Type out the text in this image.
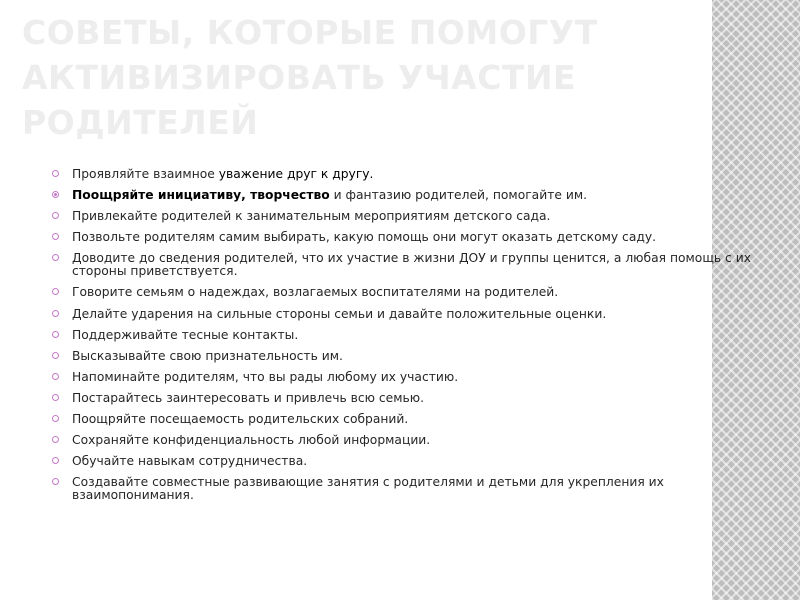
СОВЕТЫ, КОТОРЫЕ ПОМОГУТ
АКТИВИЗИРОВАТЬ УЧАСТИЕ
РОДИТЕЛЕЙ
Проявляйте взаимное уважение друг к другу.
Поощряйте инициативу, творчество и фантазию родителей, помогайте им.
Привлекайте родителей к занимательным мероприятиям детского сада.
Позвольте родителям самим выбирать, какую помощь они могут оказать детскому саду.
Доводите до сведения родителей, что их участие в жизни ДОУ и группы ценится, а любая помощь с их стороны приветствуется.
Говорите семьям о надеждах, возлагаемых воспитателями на родителей.
Делайте ударения на сильные стороны семьи и давайте положительные оценки.
Поддерживайте тесные контакты.
Высказывайте свою признательность им.
Напоминайте родителям, что вы рады любому их участию.
Постарайтесь заинтересовать и привлечь всю семью.
Поощряйте посещаемость родительских собраний.
Сохраняйте конфиденциальность любой информации.
Обучайте навыкам сотрудничества.
Создавайте совместные развивающие занятия с родителями и детьми для укрепления их взаимопонимания.
